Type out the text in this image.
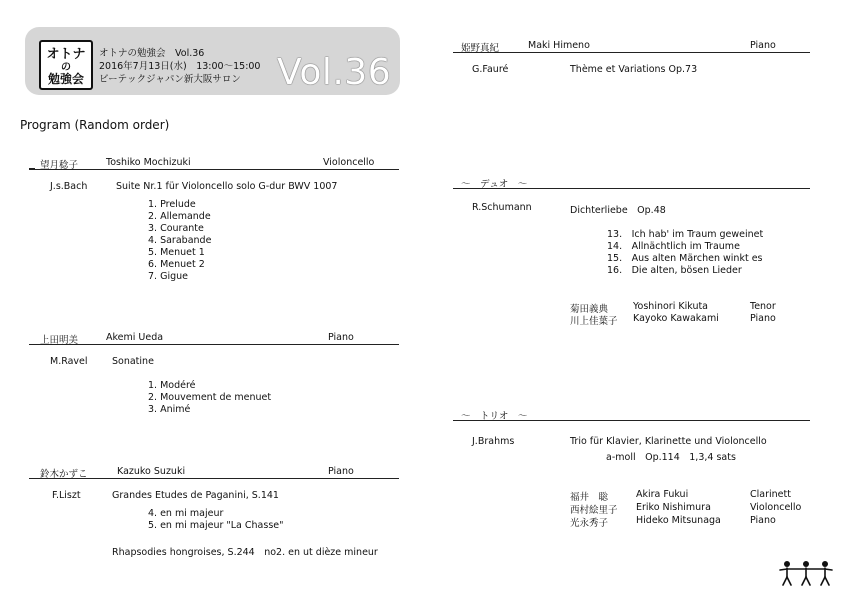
オトナ
の
勉強会
オトナの勉強会　Vol.36
2016年7月13日(水)　13:00～15:00
ビーテックジャパン新大阪サロン Vol.36
Program (Random order)
望月稔子	Toshiko Mochizuki	Violoncello
J.s.Bach	Suite Nr.1 für Violoncello solo G-dur BWV 1007
1. Prelude
2. Allemande
3. Courante
4. Sarabande
5. Menuet 1
6. Menuet 2
7. Gigue
上田明美	Akemi Ueda	Piano
M.Ravel	Sonatine
1. Modéré
2. Mouvement de menuet
3. Animé
鈴木かずこ	Kazuko Suzuki	Piano
F.Liszt	Grandes Etudes de Paganini, S.141
4. en mi majeur
5. en mi majeur "La Chasse"
Rhapsodies hongroises, S.244　no2. en ut dièze mineur
姫野真紀	Maki Himeno	Piano
G.Fauré	Thème et Variations Op.73
～　デュオ　～
R.Schumann	Dichterliebe　Op.48
13.　Ich hab' im Traum geweinet
14.　Allnächtlich im Traume
15.　Aus alten Märchen winkt es
16.　Die alten, bösen Lieder
菊田義典	Yoshinori Kikuta	Tenor
川上佳葉子 Kayoko Kawakami	Piano
～　トリオ　～
J.Brahms	Trio für Klavier, Klarinette und Violoncello
a-moll　Op.114　1,3,4 sats
福井　聡	Akira Fukui	Clarinett
西村絵里子 Eriko Nishimura	Violoncello
光永秀子	Hideko Mitsunaga	Piano
